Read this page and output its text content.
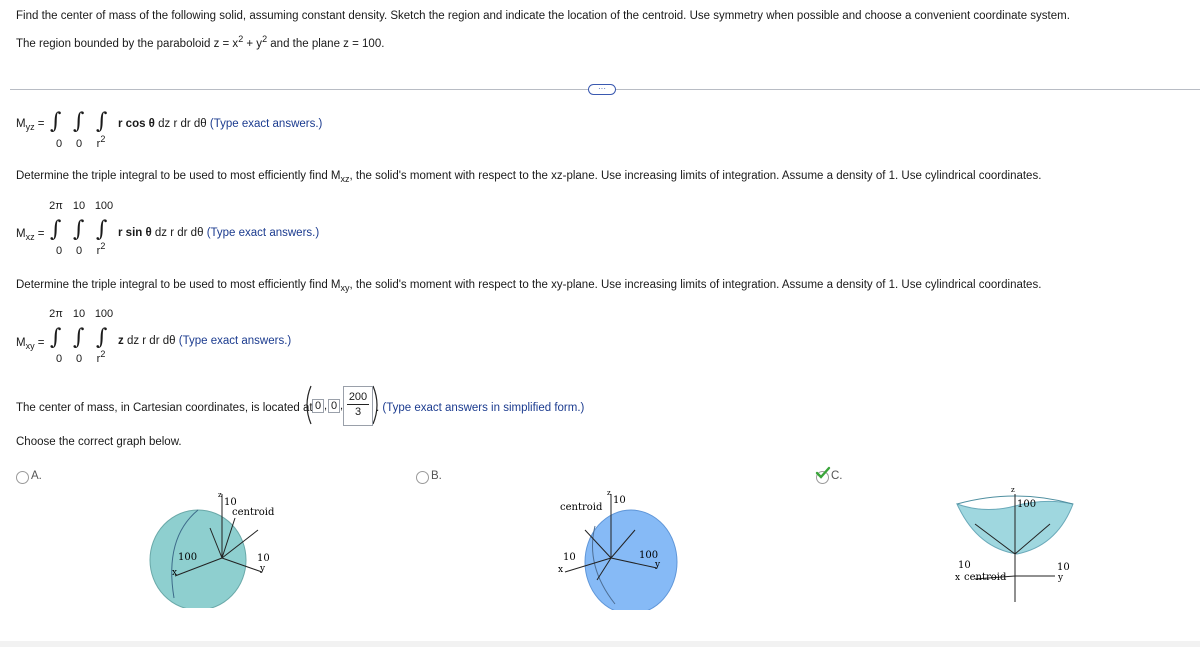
Find the center of mass of the following solid, assuming constant density. Sketch the region and indicate the location of the centroid. Use symmetry when possible and choose a convenient coordinate system.
The region bounded by the paraboloid $z = x^2 + y^2$ and the plane z = 100.
···
$M_{yz}$ = ∫ ∫ ∫
0	0	$r^2$
r cos θ dz r dr dθ (Type exact answers.)
Determine the triple integral to be used to most efficiently find $M_{xz}$, the solid's moment with respect to the xz-plane. Use increasing limits of integration. Assume a density of 1. Use cylindrical coordinates.
2π 10 100
$M_{xz}$ = ∫ ∫ ∫
0	0	$r^2$
r sin θ dz r dr dθ (Type exact answers.)
Determine the triple integral to be used to most efficiently find $M_{xy}$, the solid's moment with respect to the xy-plane. Use increasing limits of integration. Assume a density of 1. Use cylindrical coordinates.
2π 10 100
$M_{xy}$ = ∫ ∫ ∫
0	0	$r^2$
z dz r dr dθ (Type exact answers.)
The center of mass, in Cartesian coordinates, is located at 0 , 0 ,
200
3	. (Type exact answers in simplified form.)
Choose the correct graph below.
A.
10
z
centroid
100
x
10
y
B.
10
z
centroid
10
x
100
y
C.
100
z
10
x centroid
10
y
